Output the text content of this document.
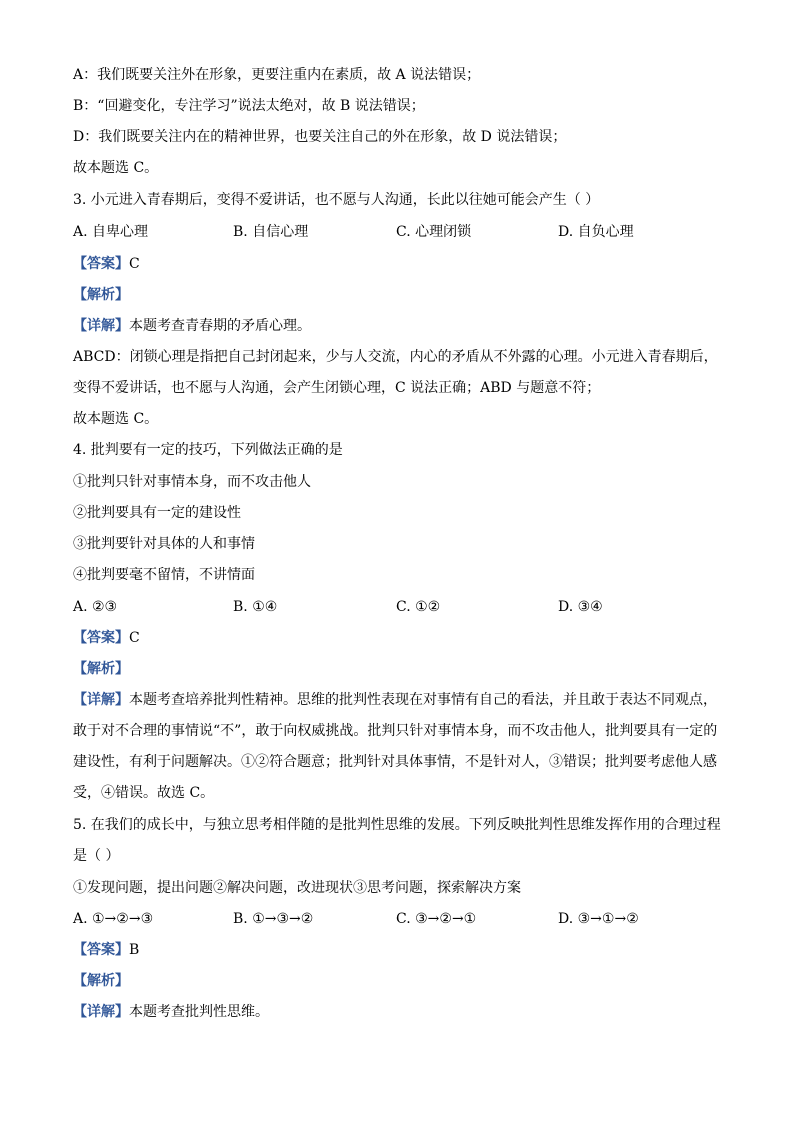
A：我们既要关注外在形象，更要注重内在素质，故 A 说法错误；
B：“回避变化，专注学习”说法太绝对，故 B 说法错误；
D：我们既要关注内在的精神世界，也要关注自己的外在形象，故 D 说法错误；
故本题选 C。
3. 小元进入青春期后，变得不爱讲话，也不愿与人沟通，长此以往她可能会产生（ ）
A. 自卑心理	B. 自信心理	C. 心理闭锁	D. 自负心理
【答案】C
【解析】
【详解】本题考查青春期的矛盾心理。
ABCD：闭锁心理是指把自己封闭起来，少与人交流，内心的矛盾从不外露的心理。小元进入青春期后，
变得不爱讲话，也不愿与人沟通，会产生闭锁心理，C 说法正确；ABD 与题意不符；
故本题选 C。
4. 批判要有一定的技巧，下列做法正确的是
①批判只针对事情本身，而不攻击他人
②批判要具有一定的建设性
③批判要针对具体的人和事情
④批判要毫不留情，不讲情面
A. ②③	B. ①④	C. ①②	D. ③④
【答案】C
【解析】
【详解】本题考查培养批判性精神。思维的批判性表现在对事情有自己的看法，并且敢于表达不同观点，
敢于对不合理的事情说“不”，敢于向权威挑战。批判只针对事情本身，而不攻击他人，批判要具有一定的
建设性，有利于问题解决。①②符合题意；批判针对具体事情，不是针对人，③错误；批判要考虑他人感
受，④错误。故选 C。
5. 在我们的成长中，与独立思考相伴随的是批判性思维的发展。下列反映批判性思维发挥作用的合理过程
是（ ）
①发现问题，提出问题②解决问题，改进现状③思考问题，探索解决方案
A. ①→②→③	B. ①→③→②	C. ③→②→①	D. ③→①→②
【答案】B
【解析】
【详解】本题考查批判性思维。
